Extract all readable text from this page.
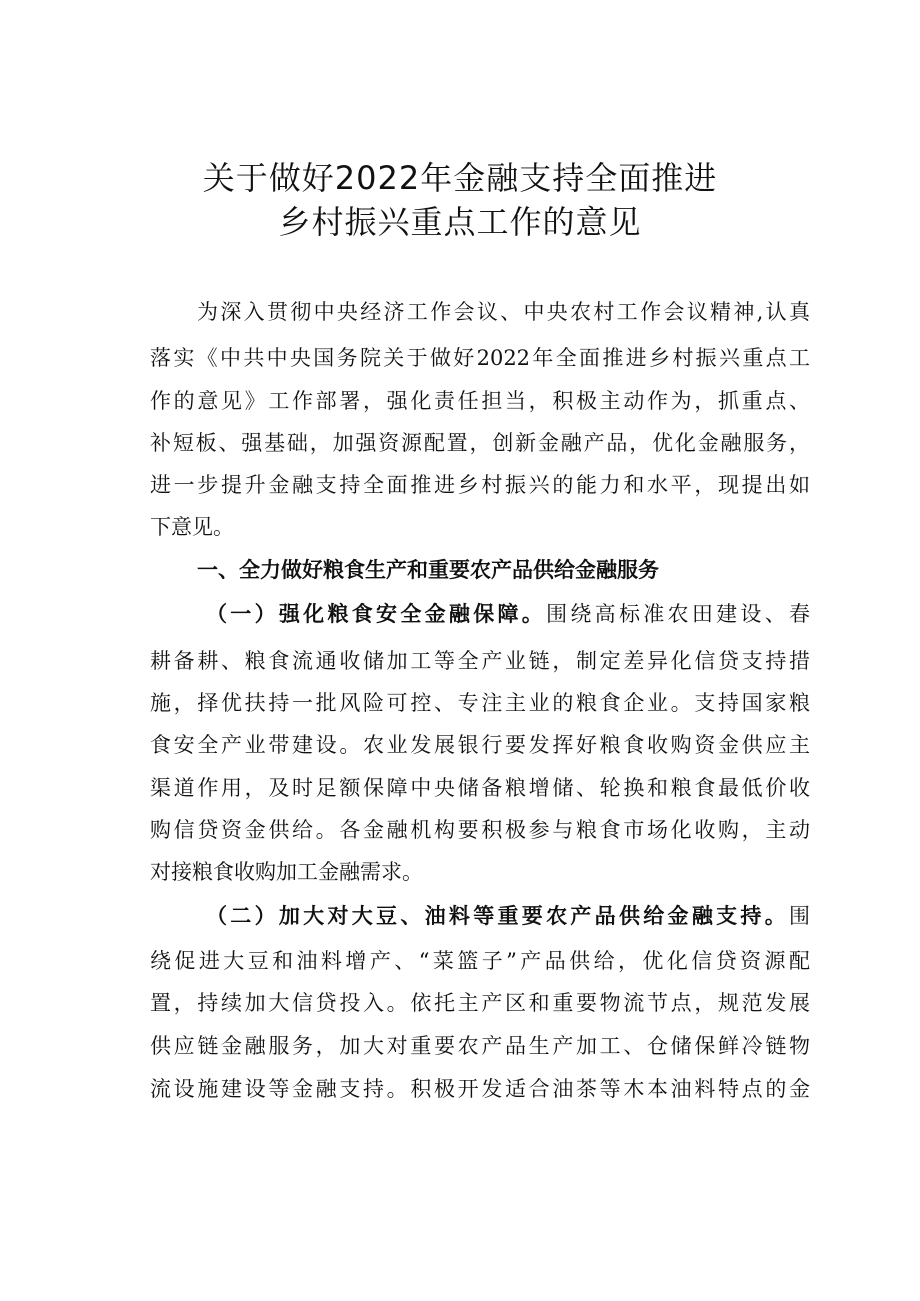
关于做好2022年金融支持全面推进
乡村振兴重点工作的意见
为深入贯彻中央经济工作会议、中央农村工作会议精神,认真
落实《中共中央国务院关于做好2022年全面推进乡村振兴重点工
作的意见》工作部署，强化责任担当，积极主动作为，抓重点、
补短板、强基础，加强资源配置，创新金融产品，优化金融服务，
进一步提升金融支持全面推进乡村振兴的能力和水平，现提出如
下意见。
一、全力做好粮食生产和重要农产品供给金融服务
（一）强化粮食安全金融保障。围绕高标准农田建设、春
耕备耕、粮食流通收储加工等全产业链，制定差异化信贷支持措
施，择优扶持一批风险可控、专注主业的粮食企业。支持国家粮
食安全产业带建设。农业发展银行要发挥好粮食收购资金供应主
渠道作用，及时足额保障中央储备粮增储、轮换和粮食最低价收
购信贷资金供给。各金融机构要积极参与粮食市场化收购，主动
对接粮食收购加工金融需求。
（二）加大对大豆、油料等重要农产品供给金融支持。围
绕促进大豆和油料增产、“菜篮子”产品供给，优化信贷资源配
置，持续加大信贷投入。依托主产区和重要物流节点，规范发展
供应链金融服务，加大对重要农产品生产加工、仓储保鲜冷链物
流设施建设等金融支持。积极开发适合油茶等木本油料特点的金
